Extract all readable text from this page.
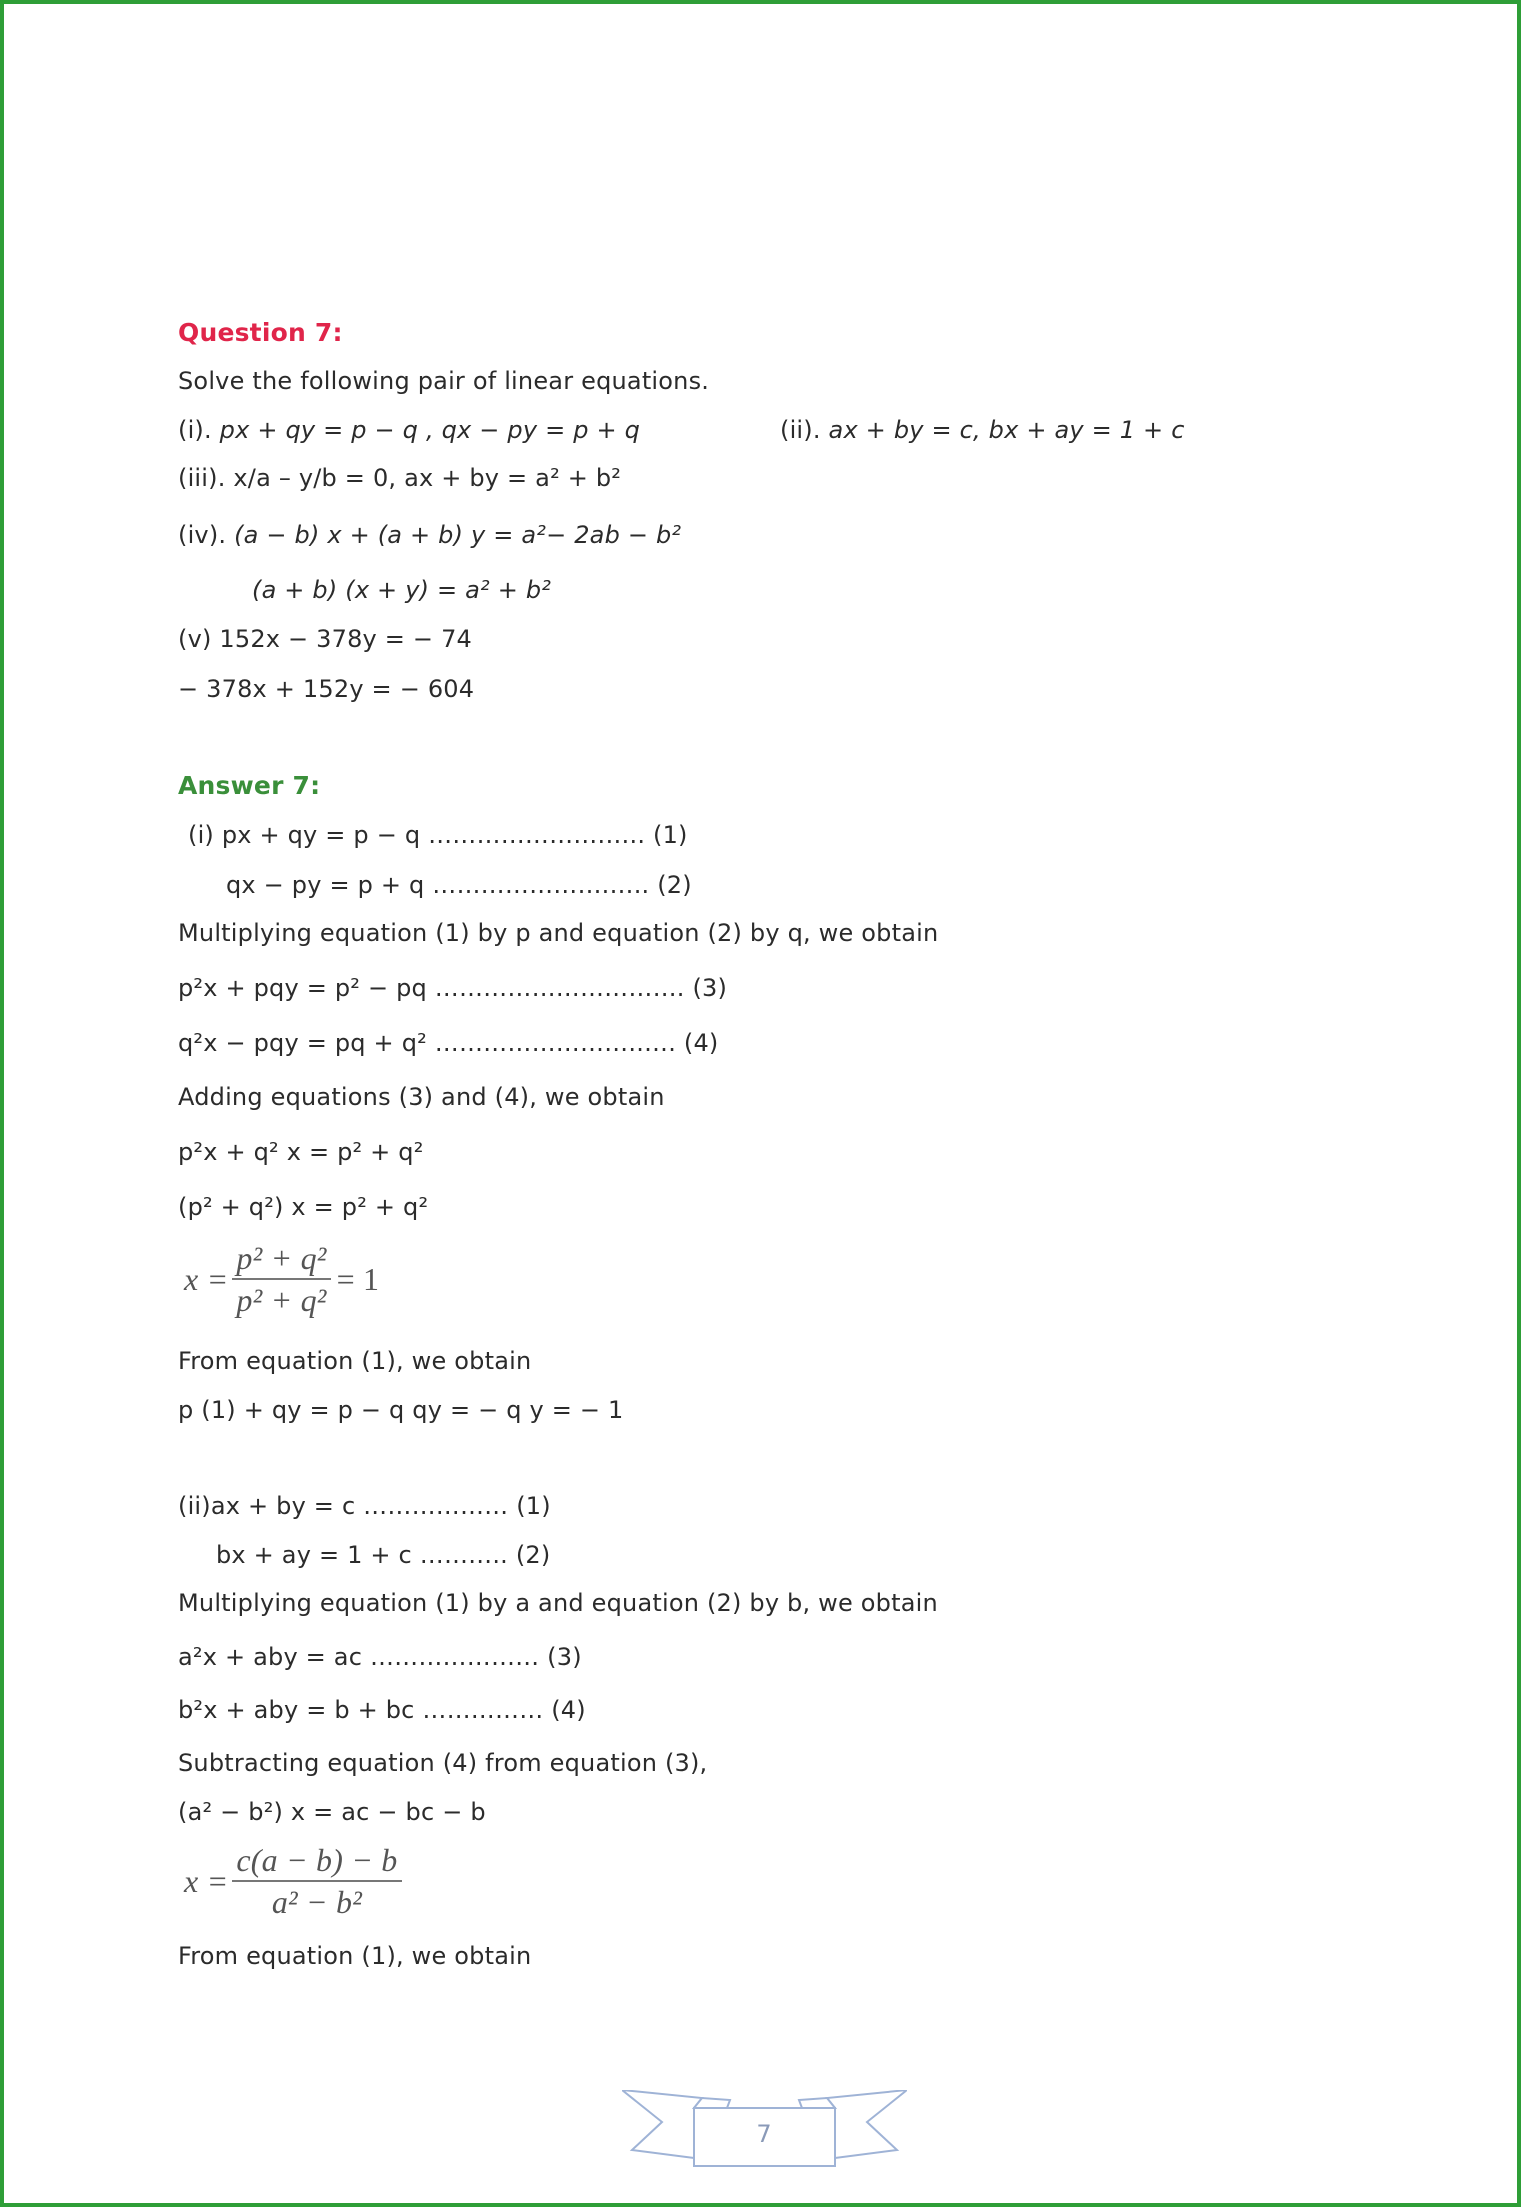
Question 7:
Solve the following pair of linear equations.
(i). px + qy = p − q , qx − py = p + q	(ii). ax + by = c, bx + ay = 1 + c
(iii). x/a – y/b = 0, ax + by = a² + b²
(iv). (a − b) x + (a + b) y = a²− 2ab − b²
(a + b) (x + y) = a² + b²
(v) 152x − 378y = − 74
− 378x + 152y = − 604
Answer 7:
(i) px + qy = p − q ………………….….. (1)
qx − py = p + q ………………….….. (2)
Multiplying equation (1) by p and equation (2) by q, we obtain
p²x + pqy = p² − pq …………………………. (3)
q²x − pqy = pq + q² ……………………..…. (4)
Adding equations (3) and (4), we obtain
p²x + q² x = p² + q²
(p² + q²) x = p² + q²
$x = \frac{\text{p² + q²}}{\text{p² + q²}} = 1$
From equation (1), we obtain
p (1) + qy = p − q qy = − q y = − 1
(ii)ax + by = c ……………… (1)
bx + ay = 1 + c ……….. (2)
Multiplying equation (1) by a and equation (2) by b, we obtain
a²x + aby = ac ………………… (3)
b²x + aby = b + bc …………… (4)
Subtracting equation (4) from equation (3),
(a² − b²) x = ac − bc − b
$x = \frac{c(a - b) - b}{\text{a² − b²}}$
From equation (1), we obtain
7
